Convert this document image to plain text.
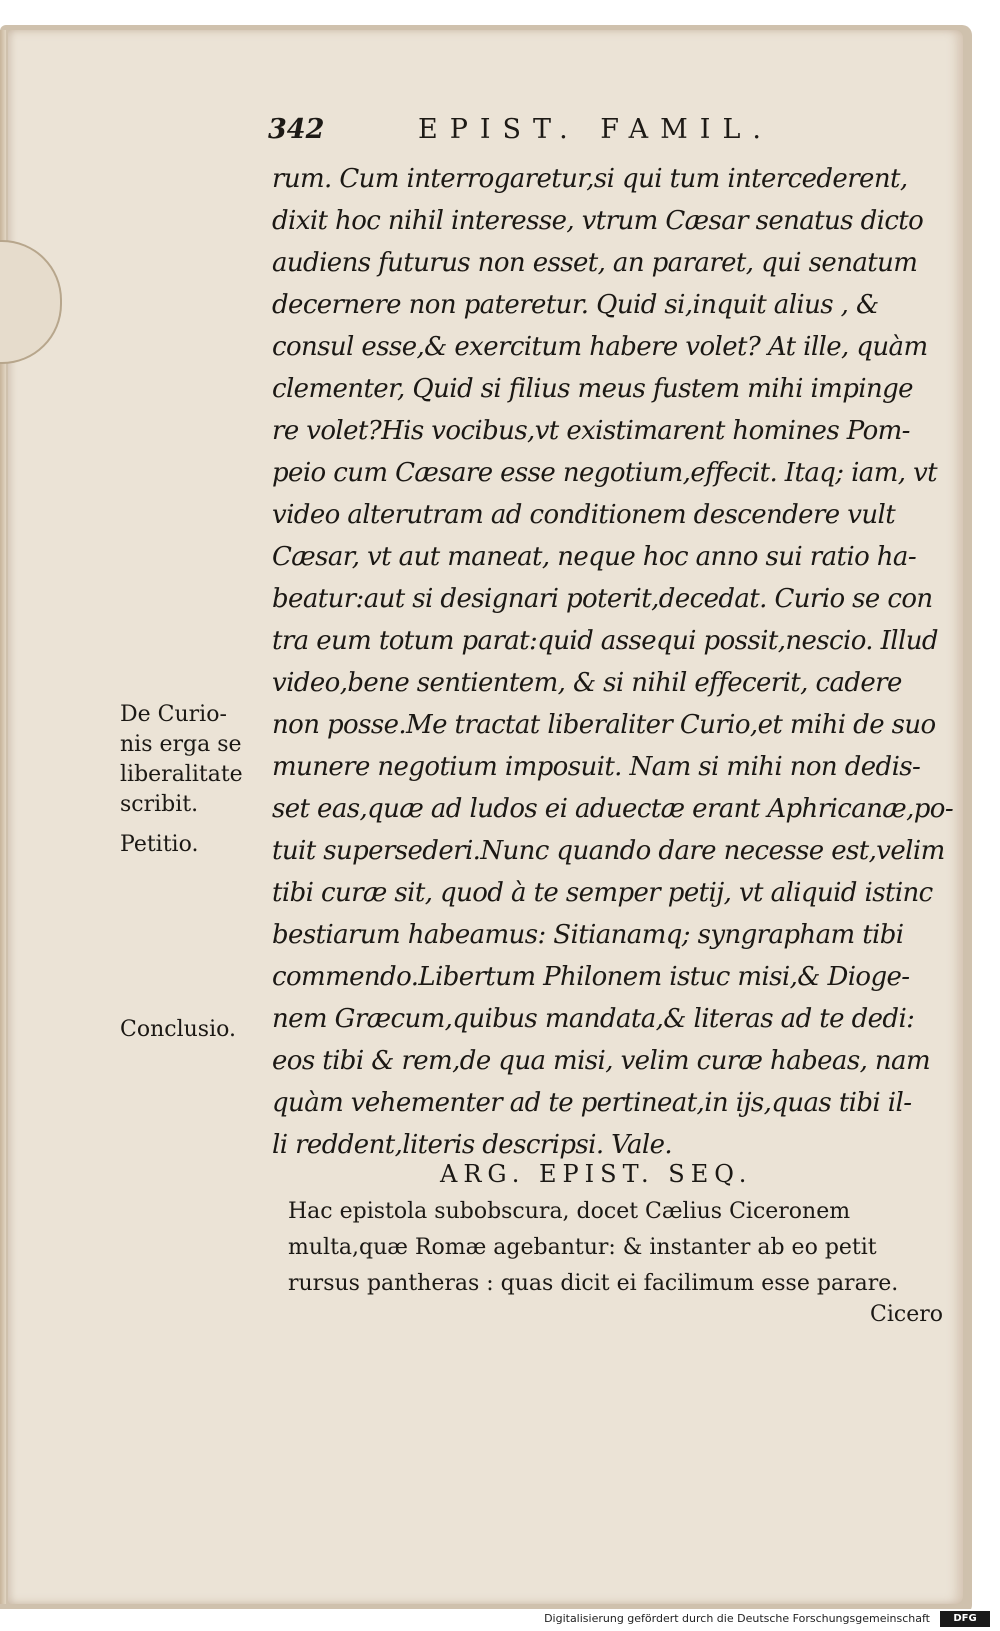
342	EPIST. FAMIL.
rum. Cum interrogaretur,si qui tum intercederent,
dixit hoc nihil interesse, vtrum Cæsar senatus dicto
audiens futurus non esset, an pararet, qui senatum
decernere non pateretur. Quid si,inquit alius , &
consul esse,& exercitum habere volet? At ille, quàm
clementer, Quid si filius meus fustem mihi impinge
re volet?His vocibus,vt existimarent homines Pom-
peio cum Cæsare esse negotium,effecit. Itaq; iam, vt
video alterutram ad conditionem descendere vult
Cæsar, vt aut maneat, neque hoc anno sui ratio ha-
beatur:aut si designari poterit,decedat. Curio se con
tra eum totum parat:quid assequi possit,nescio. Illud
video,bene sentientem, & si nihil effecerit, cadere
non posse.Me tractat liberaliter Curio,et mihi de suo
munere negotium imposuit. Nam si mihi non dedis-
set eas,quæ ad ludos ei aduectæ erant Aphricanæ,po-
tuit supersederi.Nunc quando dare necesse est,velim
tibi curæ sit, quod à te semper petij, vt aliquid istinc
bestiarum habeamus: Sitianamq; syngrapham tibi
commendo.Libertum Philonem istuc misi,& Dioge-
nem Græcum,quibus mandata,& literas ad te dedi:
eos tibi & rem,de qua misi, velim curæ habeas, nam
quàm vehementer ad te pertineat,in ijs,quas tibi il-
li reddent,literis descripsi. Vale.
De Curio-
nis erga se
liberalitate
scribit.
Petitio.
Conclusio.
ARG. EPIST. SEQ.
Hac epistola subobscura, docet Cælius Ciceronem
multa,quæ Romæ agebantur: & instanter ab eo petit
rursus pantheras : quas dicit ei facilimum esse parare.
Cicero
Digitalisierung gefördert durch die Deutsche Forschungsgemeinschaft	DFG
